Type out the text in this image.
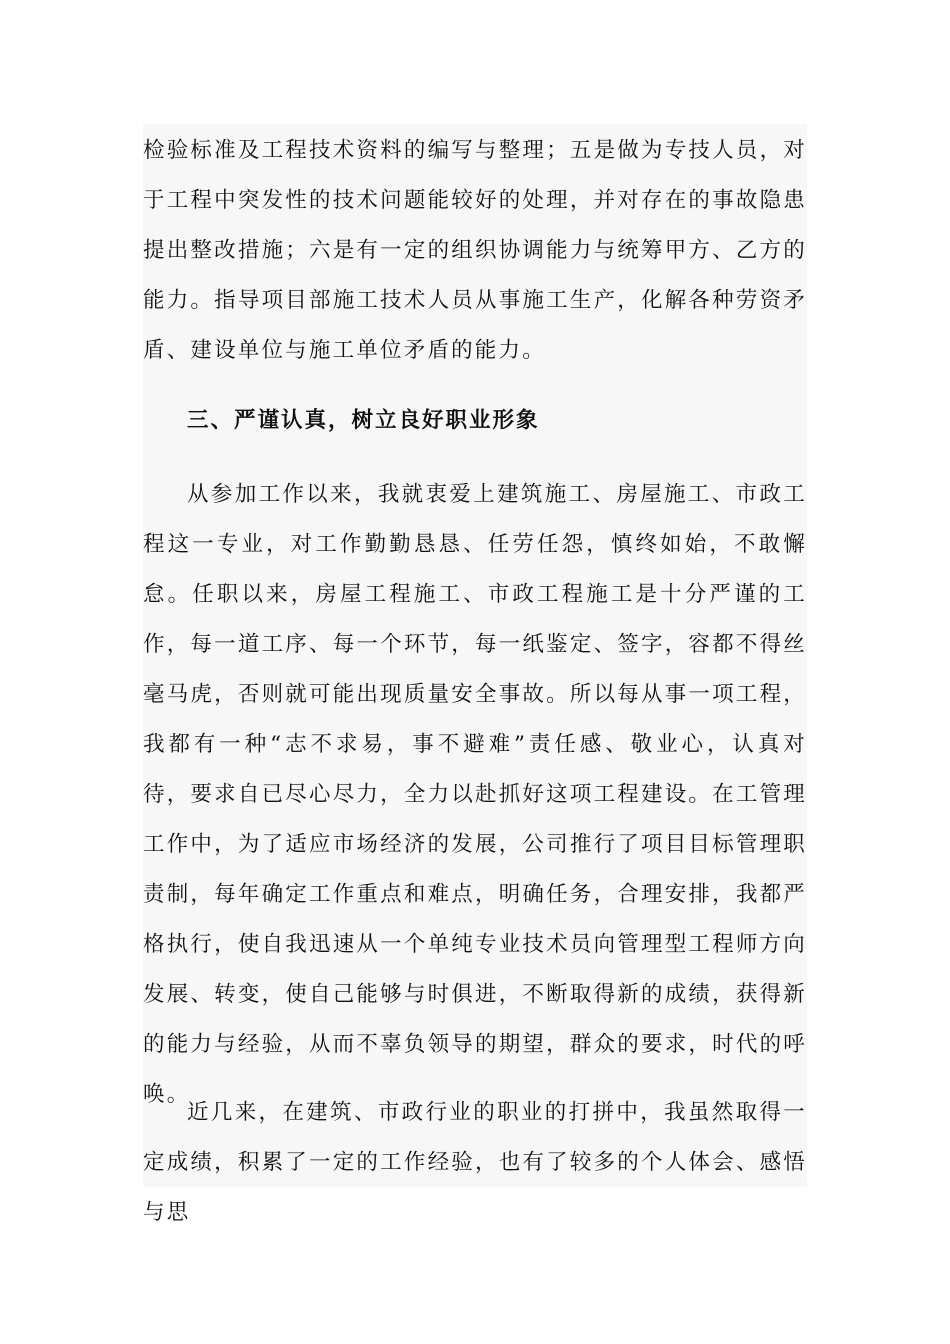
检验标准及工程技术资料的编写与整理；五是做为专技人员，对于工程中突发性的技术问题能较好的处理，并对存在的事故隐患提出整改措施；六是有一定的组织协调能力与统筹甲方、乙方的能力。指导项目部施工技术人员从事施工生产，化解各种劳资矛盾、建设单位与施工单位矛盾的能力。

三、严谨认真，树立良好职业形象

从参加工作以来，我就衷爱上建筑施工、房屋施工、市政工程这一专业，对工作勤勤恳恳、任劳任怨，慎终如始，不敢懈怠。任职以来，房屋工程施工、市政工程施工是十分严谨的工作，每一道工序、每一个环节，每一纸鉴定、签字，容都不得丝毫马虎，否则就可能出现质量安全事故。所以每从事一项工程，我都有一种“志不求易，事不避难”责任感、敬业心，认真对待，要求自已尽心尽力，全力以赴抓好这项工程建设。在工管理工作中，为了适应市场经济的发展，公司推行了项目目标管理职责制，每年确定工作重点和难点，明确任务，合理安排，我都严格执行，使自我迅速从一个单纯专业技术员向管理型工程师方向发展、转变，使自己能够与时俱进，不断取得新的成绩，获得新的能力与经验，从而不辜负领导的期望，群众的要求，时代的呼唤。

近几来，在建筑、市政行业的职业的打拼中，我虽然取得一定成绩，积累了一定的工作经验，也有了较多的个人体会、感悟与思
